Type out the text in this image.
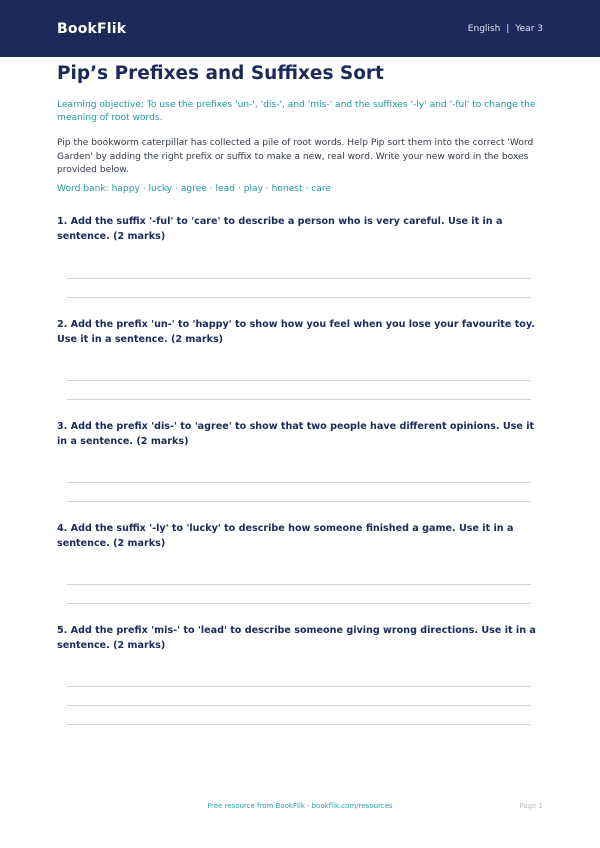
BookFlik	English | Year 3
Pip’s Prefixes and Suffixes Sort
Learning objective: To use the prefixes 'un-', 'dis-', and 'mis-' and the suffixes '-ly' and '-ful' to change the meaning of root words.
Pip the bookworm caterpillar has collected a pile of root words. Help Pip sort them into the correct 'Word Garden' by adding the right prefix or suffix to make a new, real word. Write your new word in the boxes provided below.
Word bank: happy · lucky · agree · lead · play · honest · care
1. Add the suffix '-ful' to 'care' to describe a person who is very careful. Use it in a sentence. (2 marks)
2. Add the prefix 'un-' to 'happy' to show how you feel when you lose your favourite toy. Use it in a sentence. (2 marks)
3. Add the prefix 'dis-' to 'agree' to show that two people have different opinions. Use it in a sentence. (2 marks)
4. Add the suffix '-ly' to 'lucky' to describe how someone finished a game. Use it in a sentence. (2 marks)
5. Add the prefix 'mis-' to 'lead' to describe someone giving wrong directions. Use it in a sentence. (2 marks)
Free resource from BookFlik · bookflik.com/resources	Page 1
